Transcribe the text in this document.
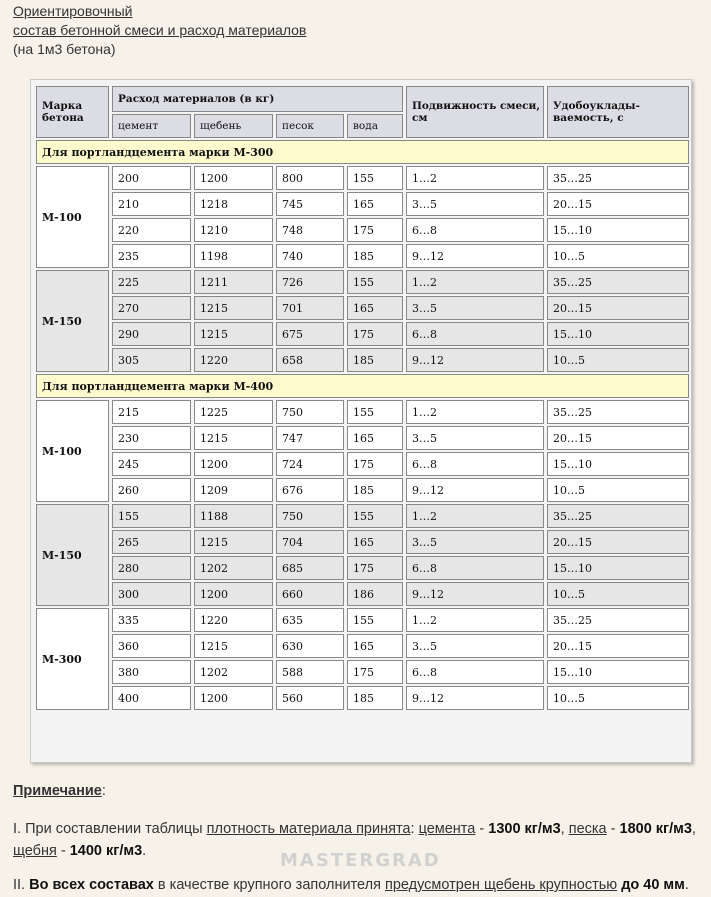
Ориентировочный
состав бетонной смеси и расход материалов
(на 1м3 бетона)
Марка бетона	Расход материалов (в кг)				Подвижность смеси, см	Удобоуклады-ваемость, с
	цемент	щебень	песок	вода		
Для портландцемента марки М-300						
М-100	200	1200	800	155	1…2	35…25
	210	1218	745	165	3…5	20…15
	220	1210	748	175	6…8	15…10
	235	1198	740	185	9…12	10…5
М-150	225	1211	726	155	1…2	35…25
	270	1215	701	165	3…5	20…15
	290	1215	675	175	6…8	15…10
	305	1220	658	185	9…12	10…5
Для портландцемента марки М-400						
М-100	215	1225	750	155	1…2	35…25
	230	1215	747	165	3…5	20…15
	245	1200	724	175	6…8	15…10
	260	1209	676	185	9…12	10…5
М-150	155	1188	750	155	1…2	35…25
	265	1215	704	165	3…5	20…15
	280	1202	685	175	6…8	15…10
	300	1200	660	186	9…12	10…5
М-300	335	1220	635	155	1…2	35…25
	360	1215	630	165	3…5	20…15
	380	1202	588	175	6…8	15…10
	400	1200	560	185	9…12	10…5
Примечание:
I. При составлении таблицы плотность материала принята: цемента - 1300 кг/м3, песка - 1800 кг/м3, щебня - 1400 кг/м3.
II. Во всех составах в качестве крупного заполнителя предусмотрен щебень крупностью до 40 мм.
MASTERGRAD
